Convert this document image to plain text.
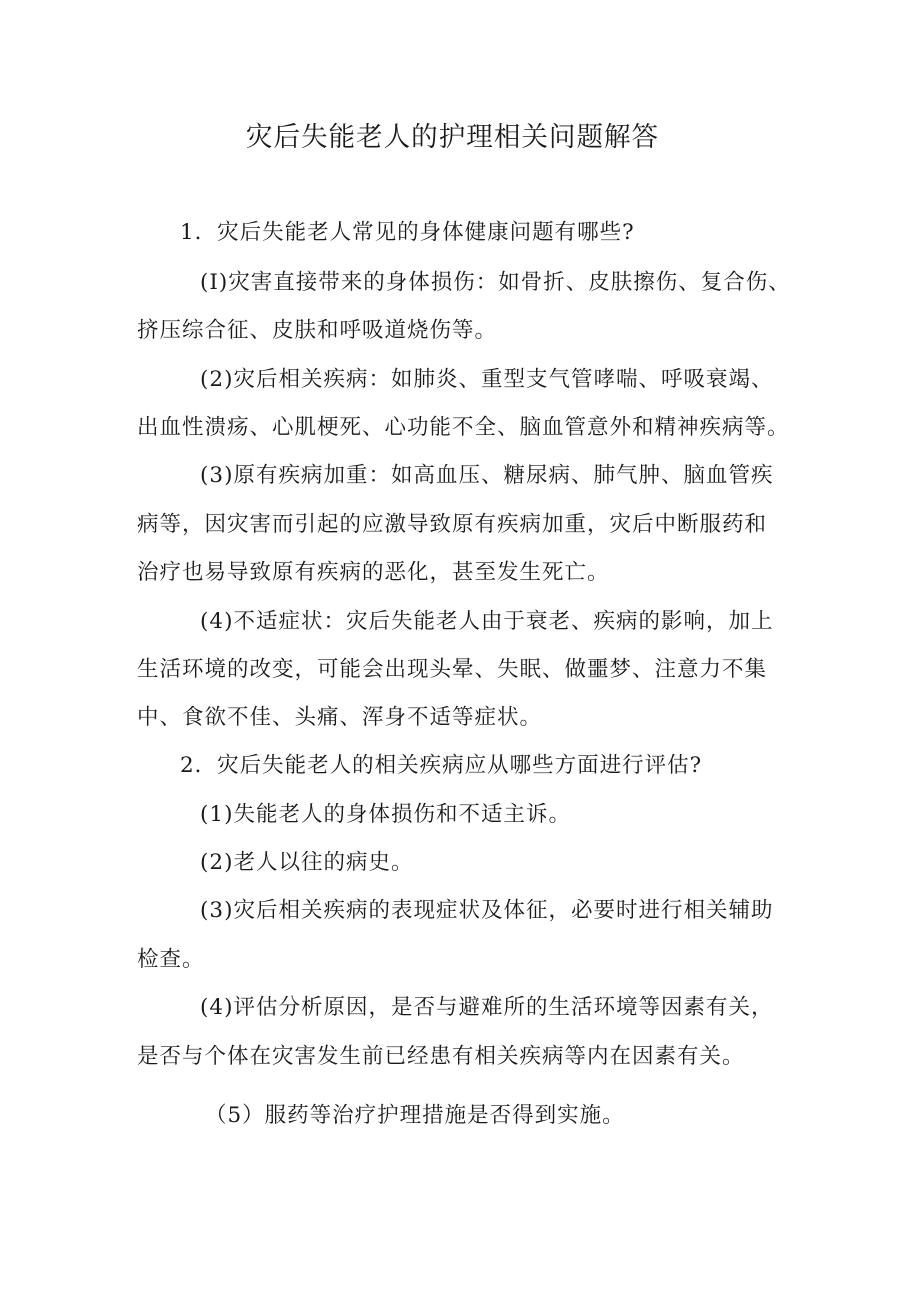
灾后失能老人的护理相关问题解答
1．灾后失能老人常见的身体健康问题有哪些?
(I)灾害直接带来的身体损伤：如骨折、皮肤擦伤、复合伤、
挤压综合征、皮肤和呼吸道烧伤等。
(2)灾后相关疾病：如肺炎、重型支气管哮喘、呼吸衰竭、
出血性溃疡、心肌梗死、心功能不全、脑血管意外和精神疾病等。
(3)原有疾病加重：如高血压、糖尿病、肺气肿、脑血管疾
病等，因灾害而引起的应激导致原有疾病加重，灾后中断服药和
治疗也易导致原有疾病的恶化，甚至发生死亡。
(4)不适症状：灾后失能老人由于衰老、疾病的影响，加上
生活环境的改变，可能会出现头晕、失眠、做噩梦、注意力不集
中、食欲不佳、头痛、浑身不适等症状。
2．灾后失能老人的相关疾病应从哪些方面进行评估?
(1)失能老人的身体损伤和不适主诉。
(2)老人以往的病史。
(3)灾后相关疾病的表现症状及体征，必要时进行相关辅助
检查。
(4)评估分析原因，是否与避难所的生活环境等因素有关，
是否与个体在灾害发生前已经患有相关疾病等内在因素有关。
（5）服药等治疗护理措施是否得到实施。
